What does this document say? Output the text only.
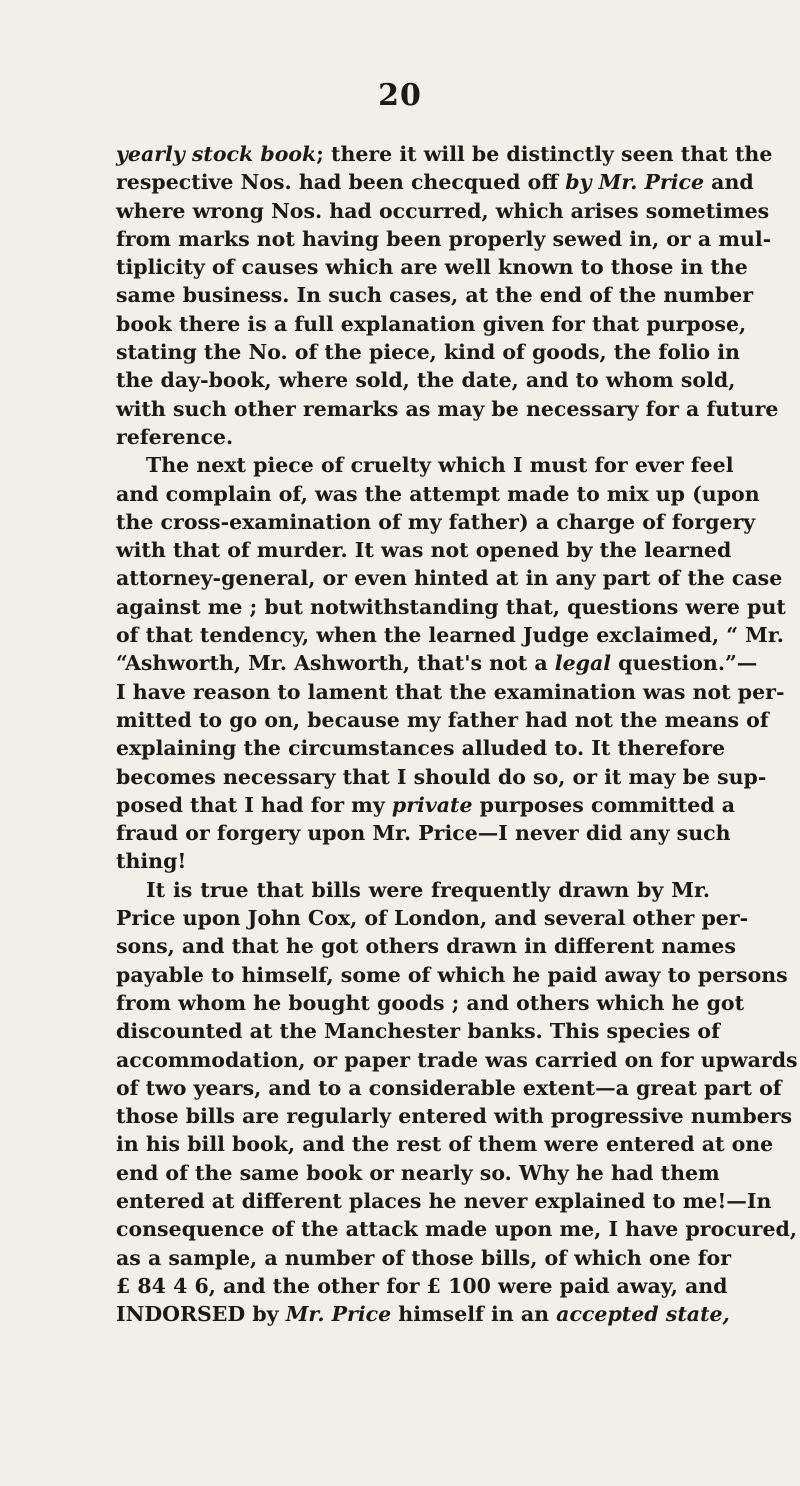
20
yearly stock book; there it will be distinctly seen that the
respective Nos. had been checqued off by Mr. Price and
where wrong Nos. had occurred, which arises sometimes
from marks not having been properly sewed in, or a mul-
tiplicity of causes which are well known to those in the
same business. In such cases, at the end of the number
book there is a full explanation given for that purpose,
stating the No. of the piece, kind of goods, the folio in
the day-book, where sold, the date, and to whom sold,
with such other remarks as may be necessary for a future
reference.
The next piece of cruelty which I must for ever feel
and complain of, was the attempt made to mix up (upon
the cross-examination of my father) a charge of forgery
with that of murder. It was not opened by the learned
attorney-general, or even hinted at in any part of the case
against me ; but notwithstanding that, questions were put
of that tendency, when the learned Judge exclaimed, “ Mr.
“Ashworth, Mr. Ashworth, that's not a legal question.”—
I have reason to lament that the examination was not per-
mitted to go on, because my father had not the means of
explaining the circumstances alluded to. It therefore
becomes necessary that I should do so, or it may be sup-
posed that I had for my private purposes committed a
fraud or forgery upon Mr. Price—I never did any such
thing!
It is true that bills were frequently drawn by Mr.
Price upon John Cox, of London, and several other per-
sons, and that he got others drawn in different names
payable to himself, some of which he paid away to persons
from whom he bought goods ; and others which he got
discounted at the Manchester banks. This species of
accommodation, or paper trade was carried on for upwards
of two years, and to a considerable extent—a great part of
those bills are regularly entered with progressive numbers
in his bill book, and the rest of them were entered at one
end of the same book or nearly so. Why he had them
entered at different places he never explained to me!—In
consequence of the attack made upon me, I have procured,
as a sample, a number of those bills, of which one for
£ 84 4 6, and the other for £ 100 were paid away, and
INDORSED by Mr. Price himself in an accepted state,
